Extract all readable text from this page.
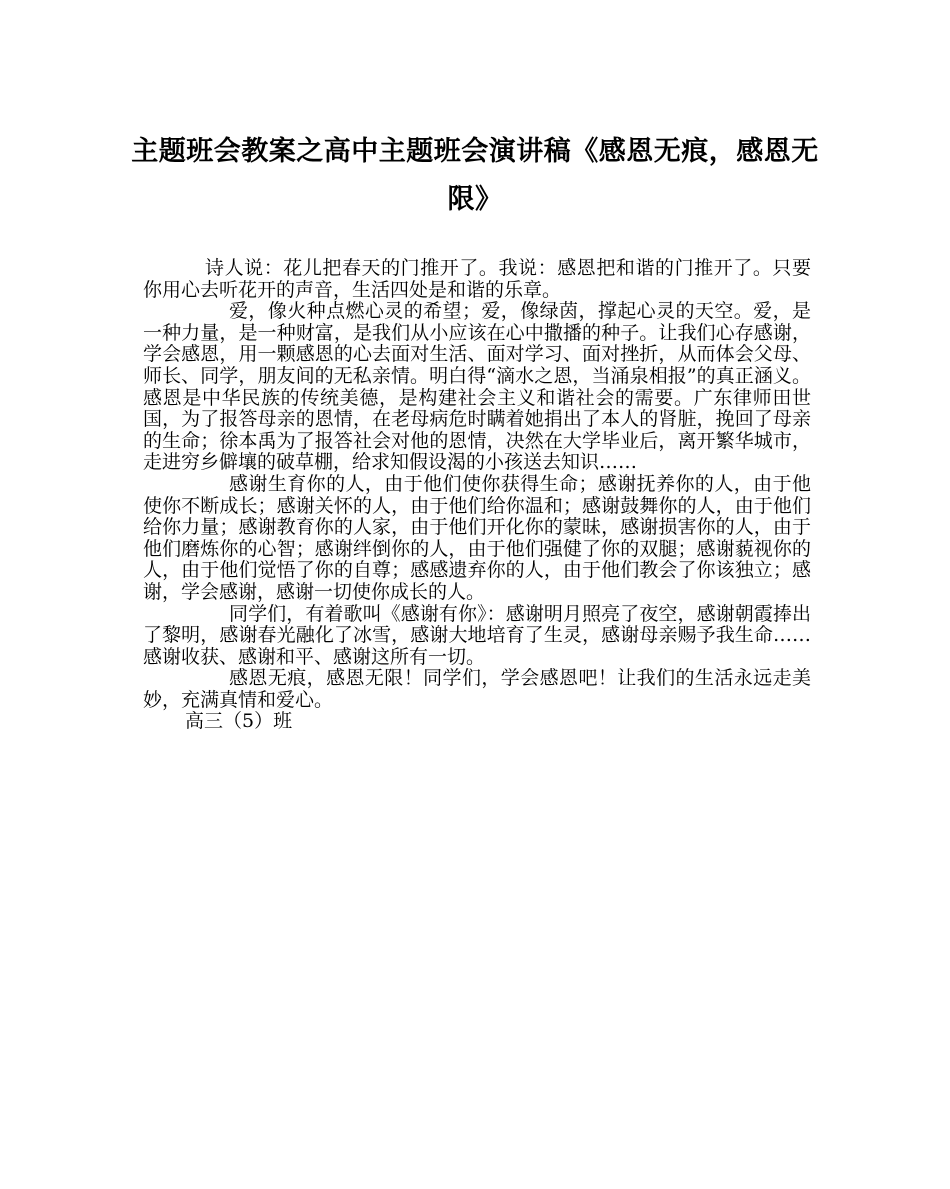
主题班会教案之高中主题班会演讲稿《感恩无痕，感恩无限》

诗人说：花儿把春天的门推开了。我说：感恩把和谐的门推开了。只要你用心去听花开的声音，生活四处是和谐的乐章。

爱，像火种点燃心灵的希望；爱，像绿茵，撑起心灵的天空。爱，是一种力量，是一种财富，是我们从小应该在心中撒播的种子。让我们心存感谢，学会感恩，用一颗感恩的心去面对生活、面对学习、面对挫折，从而体会父母、师长、同学，朋友间的无私亲情。明白得“滴水之恩，当涌泉相报”的真正涵义。感恩是中华民族的传统美德，是构建社会主义和谐社会的需要。广东律师田世国，为了报答母亲的恩情，在老母病危时瞒着她捐出了本人的肾脏，挽回了母亲的生命；徐本禹为了报答社会对他的恩情，决然在大学毕业后，离开繁华城市，走进穷乡僻壤的破草棚，给求知假设渴的小孩送去知识……

感谢生育你的人，由于他们使你获得生命；感谢抚养你的人，由于他使你不断成长；感谢关怀的人，由于他们给你温和；感谢鼓舞你的人，由于他们给你力量；感谢教育你的人家，由于他们开化你的蒙昧，感谢损害你的人，由于他们磨炼你的心智；感谢绊倒你的人，由于他们强健了你的双腿；感谢藐视你的人，由于他们觉悟了你的自尊；感感遗弃你的人，由于他们教会了你该独立；感谢，学会感谢，感谢一切使你成长的人。

同学们，有着歌叫《感谢有你》：感谢明月照亮了夜空，感谢朝霞捧出了黎明，感谢春光融化了冰雪，感谢大地培育了生灵，感谢母亲赐予我生命……感谢收获、感谢和平、感谢这所有一切。

感恩无痕，感恩无限！同学们，学会感恩吧！让我们的生活永远走美妙，充满真情和爱心。

高三（5）班
